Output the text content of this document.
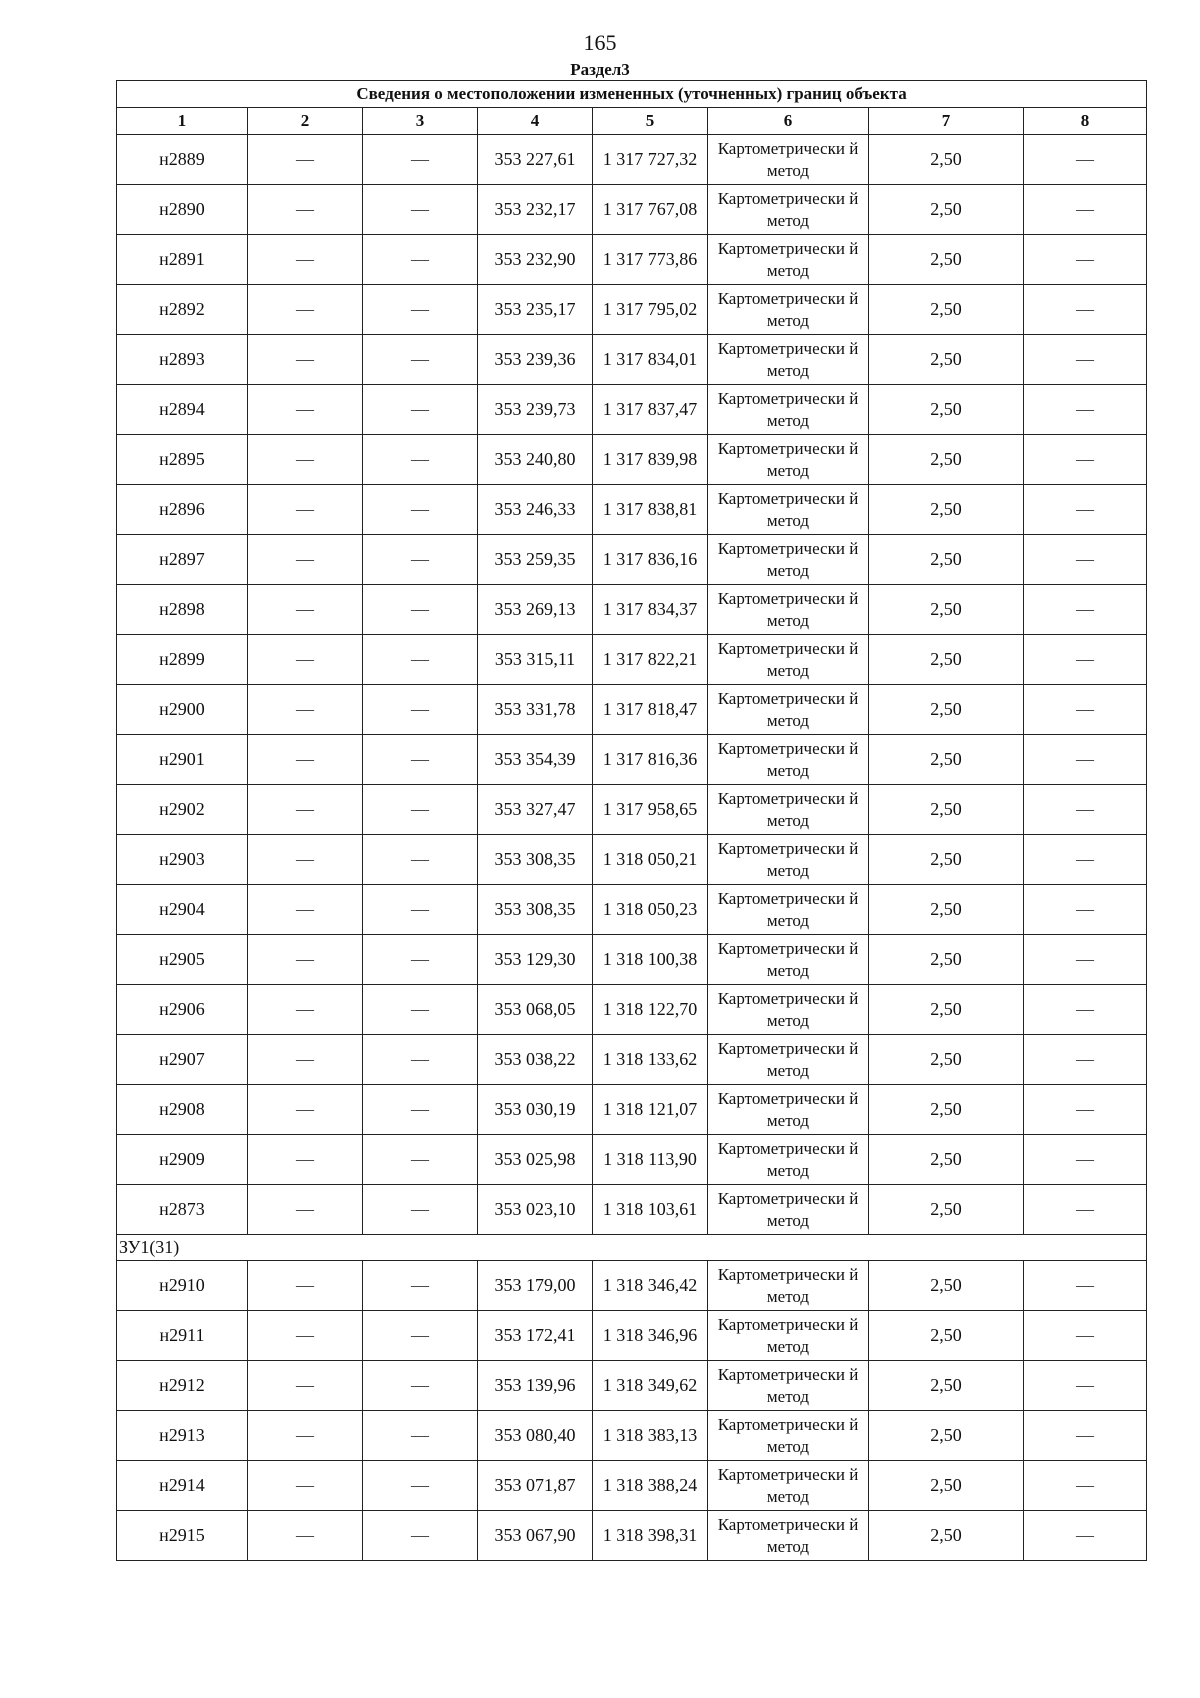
165
Раздел3
Сведения о местоположении измененных (уточненных) границ объекта							
1	2	3	4	5	6	7	8
н2889	—	—	353 227,61	1 317 727,32	Картометрически й метод	2,50	—
н2890	—	—	353 232,17	1 317 767,08	Картометрически й метод	2,50	—
н2891	—	—	353 232,90	1 317 773,86	Картометрически й метод	2,50	—
н2892	—	—	353 235,17	1 317 795,02	Картометрически й метод	2,50	—
н2893	—	—	353 239,36	1 317 834,01	Картометрически й метод	2,50	—
н2894	—	—	353 239,73	1 317 837,47	Картометрически й метод	2,50	—
н2895	—	—	353 240,80	1 317 839,98	Картометрически й метод	2,50	—
н2896	—	—	353 246,33	1 317 838,81	Картометрически й метод	2,50	—
н2897	—	—	353 259,35	1 317 836,16	Картометрически й метод	2,50	—
н2898	—	—	353 269,13	1 317 834,37	Картометрически й метод	2,50	—
н2899	—	—	353 315,11	1 317 822,21	Картометрически й метод	2,50	—
н2900	—	—	353 331,78	1 317 818,47	Картометрически й метод	2,50	—
н2901	—	—	353 354,39	1 317 816,36	Картометрически й метод	2,50	—
н2902	—	—	353 327,47	1 317 958,65	Картометрически й метод	2,50	—
н2903	—	—	353 308,35	1 318 050,21	Картометрически й метод	2,50	—
н2904	—	—	353 308,35	1 318 050,23	Картометрически й метод	2,50	—
н2905	—	—	353 129,30	1 318 100,38	Картометрически й метод	2,50	—
н2906	—	—	353 068,05	1 318 122,70	Картометрически й метод	2,50	—
н2907	—	—	353 038,22	1 318 133,62	Картометрически й метод	2,50	—
н2908	—	—	353 030,19	1 318 121,07	Картометрически й метод	2,50	—
н2909	—	—	353 025,98	1 318 113,90	Картометрически й метод	2,50	—
н2873	—	—	353 023,10	1 318 103,61	Картометрически й метод	2,50	—
ЗУ1(31)							
н2910	—	—	353 179,00	1 318 346,42	Картометрически й метод	2,50	—
н2911	—	—	353 172,41	1 318 346,96	Картометрически й метод	2,50	—
н2912	—	—	353 139,96	1 318 349,62	Картометрически й метод	2,50	—
н2913	—	—	353 080,40	1 318 383,13	Картометрически й метод	2,50	—
н2914	—	—	353 071,87	1 318 388,24	Картометрически й метод	2,50	—
н2915	—	—	353 067,90	1 318 398,31	Картометрически й метод	2,50	—
